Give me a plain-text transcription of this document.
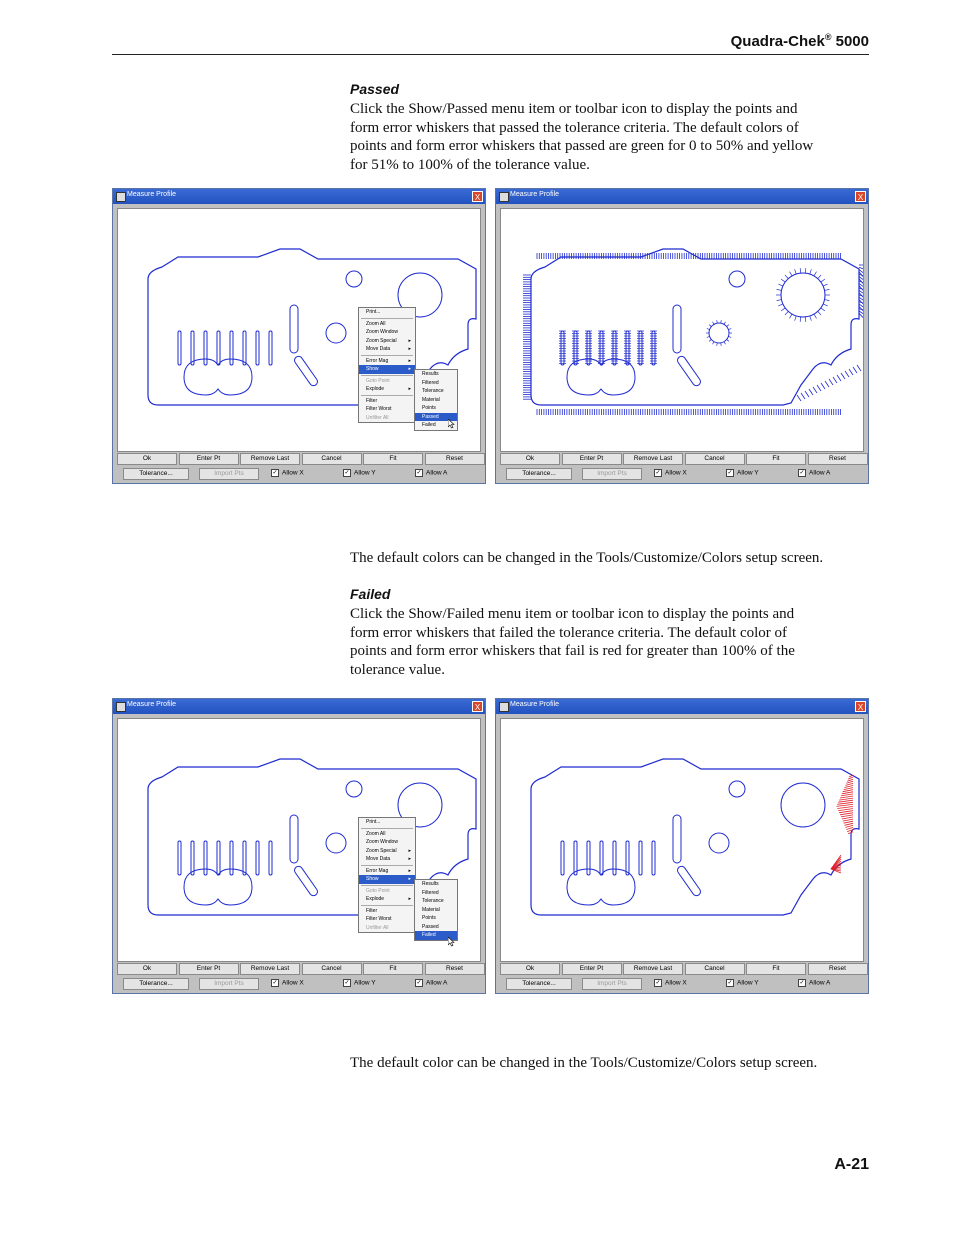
Quadra-Chek® 5000
Passed
Click the Show/Passed menu item or toolbar icon to display the points and
form error whiskers that passed the tolerance criteria. The default colors of
points and form error whiskers that passed are green for 0 to 50% and yellow
for 51% to 100% of the tolerance value.
Measure Profile	X
Print...
Zoom All
Zoom Window
Zoom Special ▸
Move Data	▸
Error Mag	▸
Show	▸
Goto Point
Explode	▸
Filter
Filter Worst
Unfilter All
Results
Filtered
Tolerance
Material
Points
Passed
Failed
Ok	Enter Pt	Remove Last	Cancel	Fit	Reset
Tolerance...	Import Pts	✓ Allow X	✓ Allow Y	✓ Allow A
Measure Profile	X
Ok	Enter Pt	Remove Last	Cancel	Fit	Reset
Tolerance...	Import Pts	✓ Allow X	✓ Allow Y	✓ Allow A
The default colors can be changed in the Tools/Customize/Colors setup screen.
Failed
Click the Show/Failed menu item or toolbar icon to display the points and
form error whiskers that failed the tolerance criteria. The default color of
points and form error whiskers that fail is red for greater than 100% of the
tolerance value.
Measure Profile	X
Print...
Zoom All
Zoom Window
Zoom Special ▸
Move Data	▸
Error Mag	▸
Show	▸
Goto Point
Explode	▸
Filter
Filter Worst
Unfilter All
Results
Filtered
Tolerance
Material
Points
Passed
Failed
Ok	Enter Pt	Remove Last	Cancel	Fit	Reset
Tolerance...	Import Pts	✓ Allow X	✓ Allow Y	✓ Allow A
Measure Profile	X
Ok	Enter Pt	Remove Last	Cancel	Fit	Reset
Tolerance...	Import Pts	✓ Allow X	✓ Allow Y	✓ Allow A
The default color can be changed in the Tools/Customize/Colors setup screen.
A-21
